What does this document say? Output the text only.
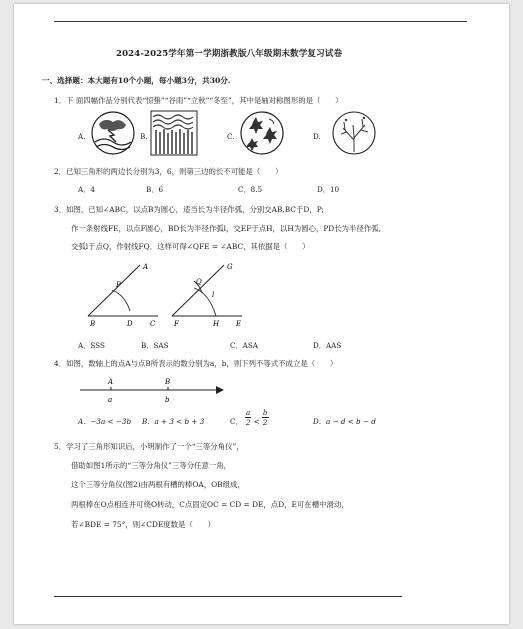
2024-2025学年第一学期浙教版八年级期末数学复习试卷
一、选择题：本大题有10个小题，每小题3分，共30分.
1．下 面四幅作品分别代表“惊蛰”“谷雨”“立秋”“冬至”，其中是轴对称图形的是（　　）
A.	B.	C.	D.
2．已知三角形的两边长分别为3，6，则第三边的长不可能是（　　）
A．4	B．6	C．8.5	D．10
3．如图，已知∠ABC，以点B为圆心，适当长为半径作弧，分别交AB,BC于D，P;
作一条射线FE，以点F圆心，BD长为半径作弧l，交EF于点H，以H为圆心，PD长为半径作弧,
交弧l于点Q，作射线FQ．这样可得∠QFE = ∠ABC，其依据是（　　）
A
P
B	D C
G
Q
l
F	H E
A．SSS	B．SAS	C．ASA	D．AAS
4．如图，数轴上的点A与点B所表示的数分别为a，b，则下列不等式不成立是（　　）
A	B
a	b
A．−3a < −3b B．a + 3 < b + 3	C． $\frac{a}{2} < \frac{b}{2}$	D．a − d < b − d
5．学习了三角形知识后，小明制作了一个“三等分角仪”，
借助如图1所示的“三等分角仪”三等分任意一角，
这个三等分角仪(图2)由两根有槽的棒OA，OB组成，
两根棒在O点相连并可绕O转动，C点固定OC = CD = DE，点D，E可在槽中滑动，
若∠BDE = 75°，则∠CDE度数是（　　）
